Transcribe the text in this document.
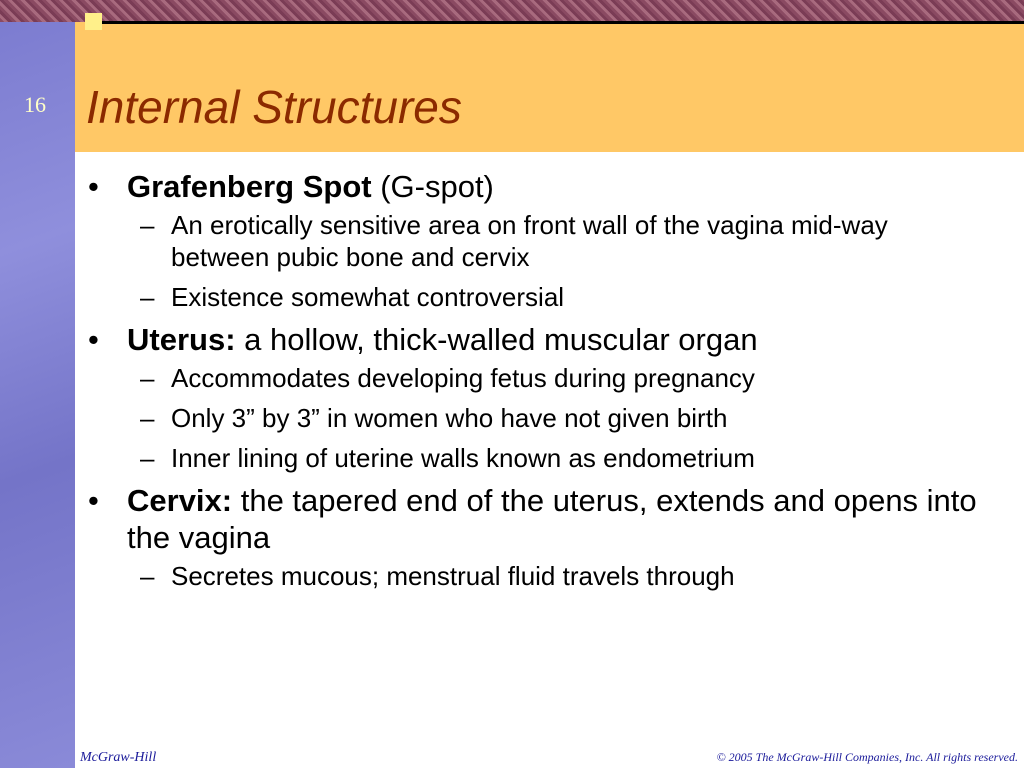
16 Internal Structures
• Grafenberg Spot (G-spot)
– An erotically sensitive area on front wall of the vagina mid-way between pubic bone and cervix
– Existence somewhat controversial
• Uterus: a hollow, thick-walled muscular organ
– Accommodates developing fetus during pregnancy
– Only 3” by 3” in women who have not given birth
– Inner lining of uterine walls known as endometrium
• Cervix: the tapered end of the uterus, extends and opens into the vagina
– Secretes mucous; menstrual fluid travels through
McGraw-Hill	© 2005 The McGraw-Hill Companies, Inc. All rights reserved.
